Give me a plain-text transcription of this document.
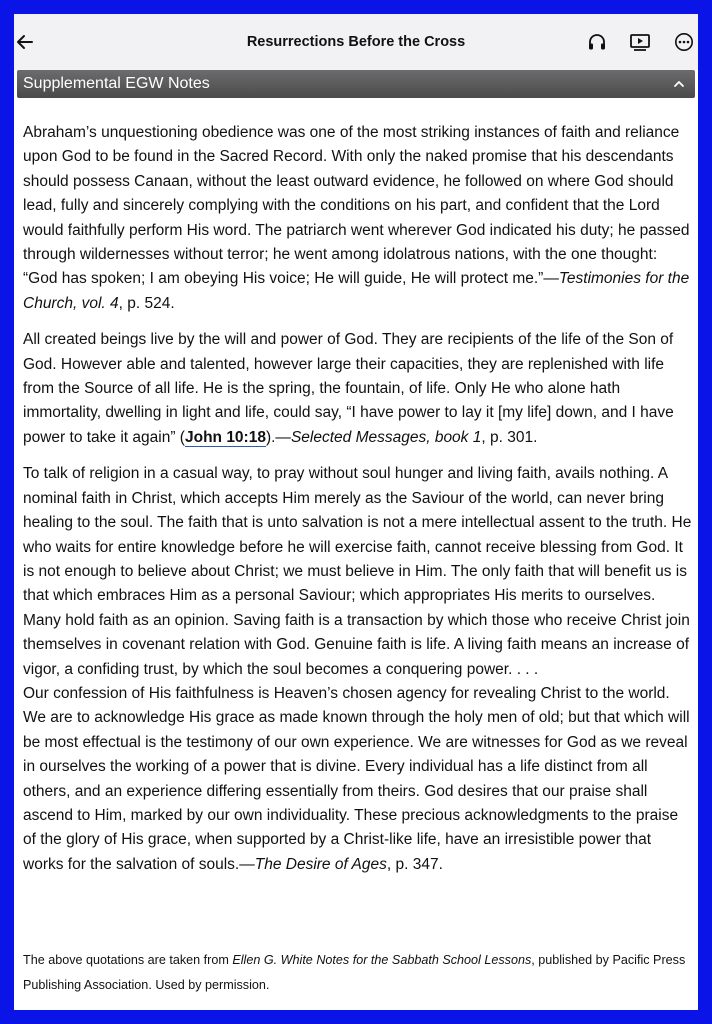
Resurrections Before the Cross
Supplemental EGW Notes

Abraham’s unquestioning obedience was one of the most striking instances of faith and reliance upon God to be found in the Sacred Record. With only the naked promise that his descendants should possess Canaan, without the least outward evidence, he followed on where God should lead, fully and sincerely complying with the conditions on his part, and confident that the Lord would faithfully perform His word. The patriarch went wherever God indicated his duty; he passed through wildernesses without terror; he went among idolatrous nations, with the one thought: “God has spoken; I am obeying His voice; He will guide, He will protect me.”—Testimonies for the Church, vol. 4, p. 524.

All created beings live by the will and power of God. They are recipients of the life of the Son of God. However able and talented, however large their capacities, they are replenished with life from the Source of all life. He is the spring, the fountain, of life. Only He who alone hath immortality, dwelling in light and life, could say, “I have power to lay it [my life] down, and I have power to take it again” (John 10:18).—Selected Messages, book 1, p. 301.

To talk of religion in a casual way, to pray without soul hunger and living faith, avails nothing. A nominal faith in Christ, which accepts Him merely as the Saviour of the world, can never bring healing to the soul. The faith that is unto salvation is not a mere intellectual assent to the truth. He who waits for entire knowledge before he will exercise faith, cannot receive blessing from God. It is not enough to believe about Christ; we must believe in Him. The only faith that will benefit us is that which embraces Him as a personal Saviour; which appropriates His merits to ourselves. Many hold faith as an opinion. Saving faith is a transaction by which those who receive Christ join themselves in covenant relation with God. Genuine faith is life. A living faith means an increase of vigor, a confiding trust, by which the soul becomes a conquering power. . . .

Our confession of His faithfulness is Heaven’s chosen agency for revealing Christ to the world. We are to acknowledge His grace as made known through the holy men of old; but that which will be most effectual is the testimony of our own experience. We are witnesses for God as we reveal in ourselves the working of a power that is divine. Every individual has a life distinct from all others, and an experience differing essentially from theirs. God desires that our praise shall ascend to Him, marked by our own individuality. These precious acknowledgments to the praise of the glory of His grace, when supported by a Christ-like life, have an irresistible power that works for the salvation of souls.—The Desire of Ages, p. 347.

The above quotations are taken from Ellen G. White Notes for the Sabbath School Lessons, published by Pacific Press Publishing Association. Used by permission.
